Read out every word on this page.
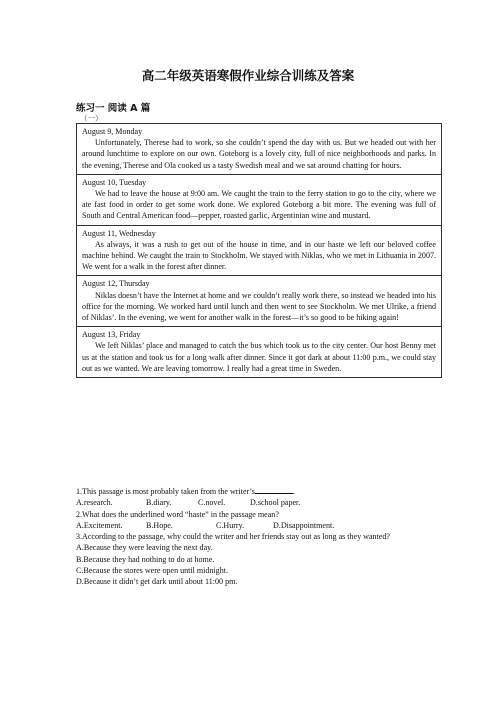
高二年级英语寒假作业综合训练及答案
练习一 阅读 A 篇
（一）
August 9, Monday
Unfortunately, Therese had to work, so she couldn’t spend the day with us. But we headed out with her around lunchtime to explore on our own. Goteborg is a lovely city, full of nice neighborhoods and parks. In the evening, Therese and Ola cooked us a tasty Swedish meal and we sat around chatting for hours.
August 10, Tuesday
We had to leave the house at 9:00 am. We caught the train to the ferry station to go to the city, where we ate fast food in order to get some work done. We explored Goteborg a bit more. The evening was full of South and Central American food—pepper, roasted garlic, Argentinian wine and mustard.
August 11, Wednesday
As always, it was a rush to get out of the house in time, and in our haste we left our beloved coffee machine behind. We caught the train to Stockholm. We stayed with Niklas, who we met in Lithuania in 2007. We went for a walk in the forest after dinner.
August 12, Thursday
Niklas doesn’t have the Internet at home and we couldn’t really work there, so instead we headed into his office for the morning. We worked hard until lunch and then went to see Stockholm. We met Ulrike, a friend of Niklas’. In the evening, we went for another walk in the forest—it’s so good to be hiking again!
August 13, Friday
We left Niklas’ place and managed to catch the bus which took us to the city center. Our host Benny met us at the station and took us for a long walk after dinner. Since it got dark at about 11:00 p.m., we could stay out as we wanted. We are leaving tomorrow. I really had a great time in Sweden.
1.This passage is most probably taken from the writer’s	.
A.research.	B.diary.	C.novel.	D.school paper.
2.What does the underlined word “haste” in the passage mean?
A.Excitement.	B.Hope.	C.Hurry.	D.Disappointment.
3.According to the passage, why could the writer and her friends stay out as long as they wanted?
A.Because they were leaving the next day.
B.Because they had nothing to do at home.
C.Because the stores were open until midnight.
D.Because it didn’t get dark until about 11:00 pm.
